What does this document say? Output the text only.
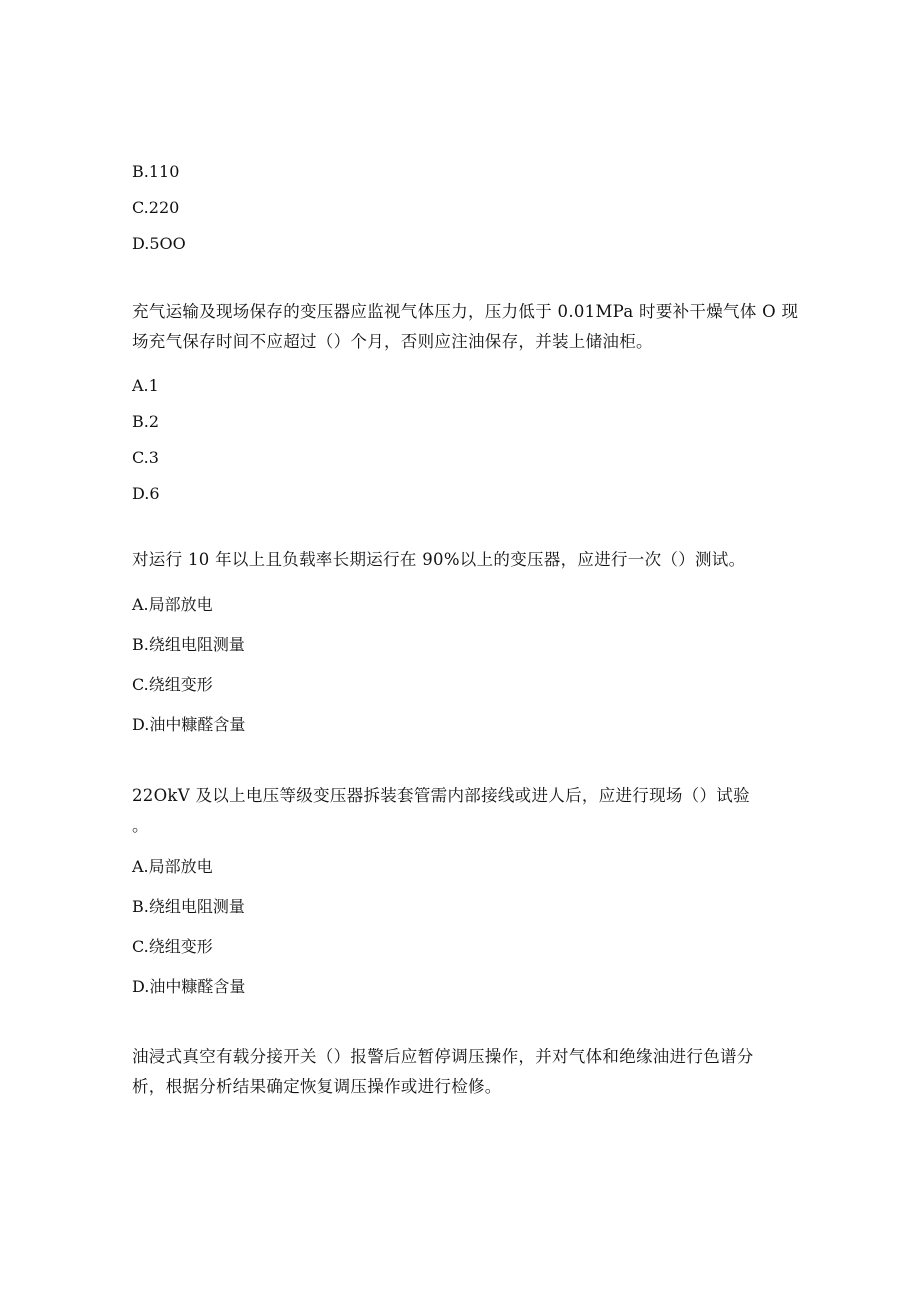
B.110
C.220
D.5OO
充气运输及现场保存的变压器应监视气体压力，压力低于 0.01MPa 时要补干燥气体 O 现
场充气保存时间不应超过（）个月，否则应注油保存，并装上储油柜。
A.1
B.2
C.3
D.6
对运行 10 年以上且负载率长期运行在 90%以上的变压器，应进行一次（）测试。
A.局部放电
B.绕组电阻测量
C.绕组变形
D.油中糠醛含量
22OkV 及以上电压等级变压器拆装套管需内部接线或进人后，应进行现场（）试验
。
A.局部放电
B.绕组电阻测量
C.绕组变形
D.油中糠醛含量
油浸式真空有载分接开关（）报警后应暂停调压操作，并对气体和绝缘油进行色谱分
析，根据分析结果确定恢复调压操作或进行检修。
